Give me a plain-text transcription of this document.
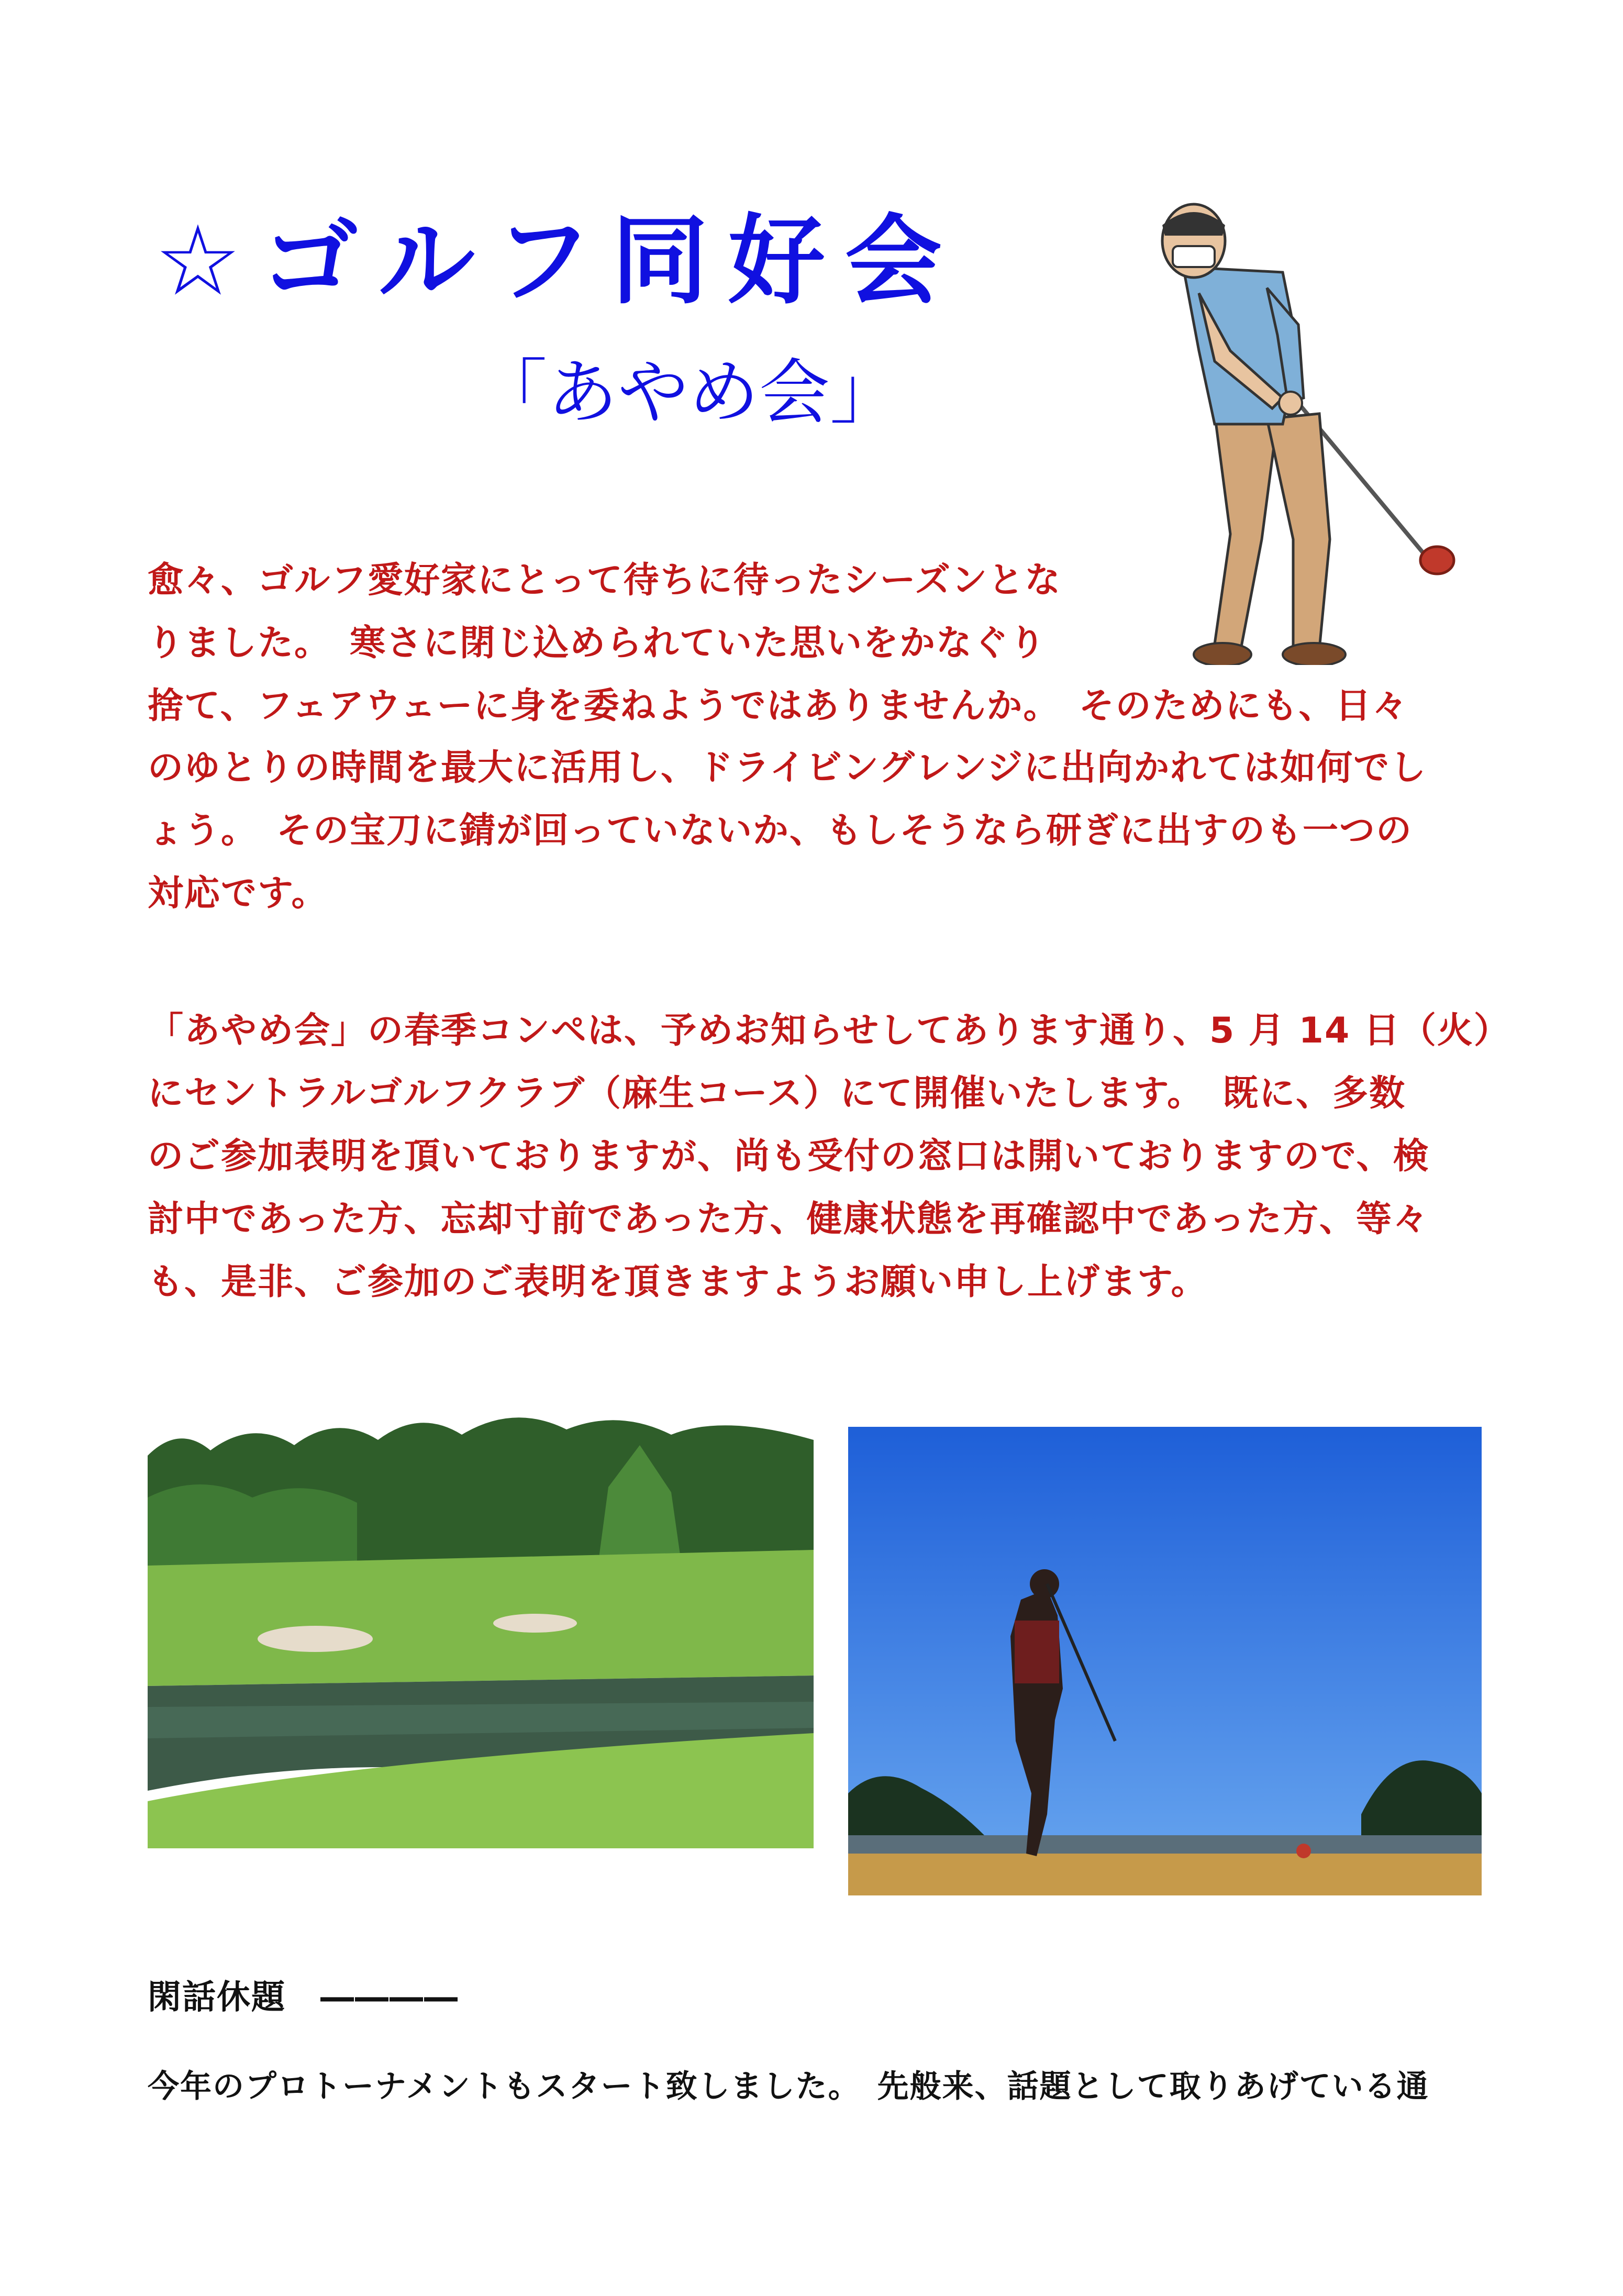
☆ゴルフ同好会
「あやめ会」
愈々、ゴルフ愛好家にとって待ちに待ったシーズンとな
りました。　寒さに閉じ込められていた思いをかなぐり
捨て、フェアウェーに身を委ねようではありませんか。　そのためにも、日々
のゆとりの時間を最大に活用し、ドライビングレンジに出向かれては如何でし
ょう。　その宝刀に錆が回っていないか、もしそうなら研ぎに出すのも一つの
対応です。
「あやめ会」の春季コンペは、予めお知らせしてあります通り、5 月 14 日（火）
にセントラルゴルフクラブ（麻生コース）にて開催いたします。　既に、多数
のご参加表明を頂いておりますが、尚も受付の窓口は開いておりますので、検
討中であった方、忘却寸前であった方、健康状態を再確認中であった方、等々
も、是非、ご参加のご表明を頂きますようお願い申し上げます。
閑話休題　――――
今年のプロトーナメントもスタート致しました。　先般来、話題として取りあげている通
